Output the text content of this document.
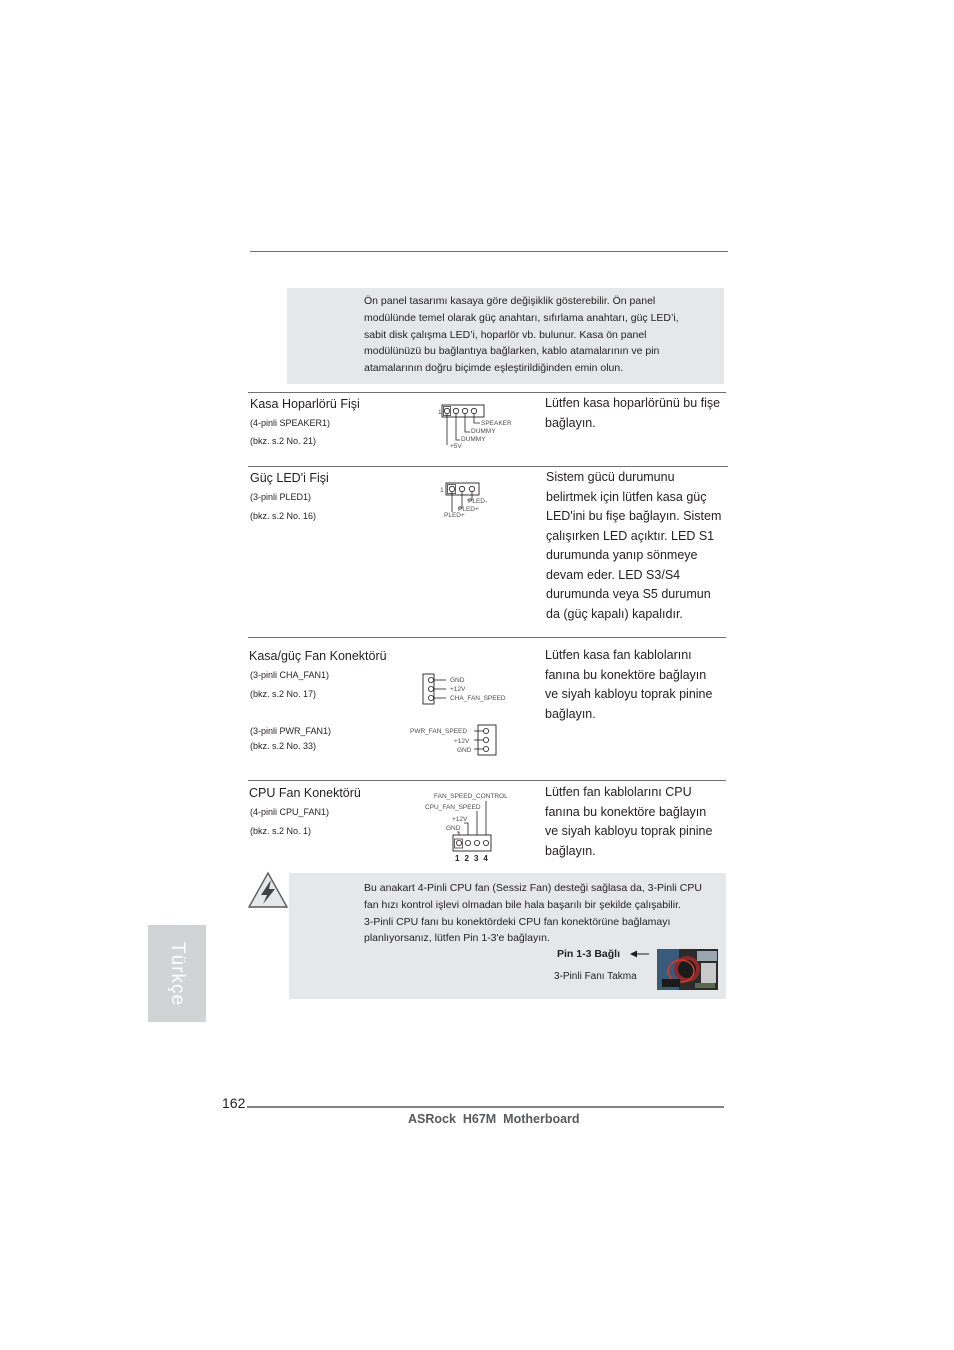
Ön panel tasarımı kasaya göre değişiklik gösterebilir. Ön panel
modülünde temel olarak güç anahtarı, sıfırlama anahtarı, güç LED’i,
sabit disk çalışma LED’i, hoparlör vb. bulunur. Kasa ön panel
modülünüzü bu bağlantıya bağlarken, kablo atamalarının ve pin
atamalarının doğru biçimde eşleştirildiğinden emin olun.
Kasa Hoparlörü Fişi
(4-pinli SPEAKER1)
(bkz. s.2 No. 21)
1
SPEAKER
DUMMY
DUMMY
+5V
Lütfen kasa hoparlörünü bu fişe
bağlayın.
Güç LED'i Fişi
(3-pinli PLED1)
(bkz. s.2 No. 16)
1
PLED-
PLED+
PLED+
Sistem gücü durumunu
belirtmek için lütfen kasa güç
LED'ini bu fişe bağlayın. Sistem
çalışırken LED açıktır. LED S1
durumunda yanıp sönmeye
devam eder. LED S3/S4
durumunda veya S5 durumun
da (güç kapalı) kapalıdır.
Kasa/güç Fan Konektörü
(3-pinli CHA_FAN1)
(bkz. s.2 No. 17)
(3-pinli PWR_FAN1)
(bkz. s.2 No. 33)
GND
+12V
CHA_FAN_SPEED
PWR_FAN_SPEED
+12V
GND
Lütfen kasa fan kablolarını
fanına bu konektöre bağlayın
ve siyah kabloyu toprak pinine
bağlayın.
CPU Fan Konektörü
(4-pinli CPU_FAN1)
(bkz. s.2 No. 1)
FAN_SPEED_CONTROL
CPU_FAN_SPEED
+12V
GND
1 2 3 4
Lütfen fan kablolarını CPU
fanına bu konektöre bağlayın
ve siyah kabloyu toprak pinine
bağlayın.
Bu anakart 4-Pinli CPU fan (Sessiz Fan) desteği sağlasa da, 3-Pinli CPU
fan hızı kontrol işlevi olmadan bile hala başarılı bir şekilde çalışabilir.
3-Pinli CPU fanı bu konektördeki CPU fan konektörüne bağlamayı
planlıyorsanız, lütfen Pin 1-3'e bağlayın.
Pin 1-3 Bağlı
3-Pinli Fanı Takma
Türkçe
162
ASRock  H67M  Motherboard
